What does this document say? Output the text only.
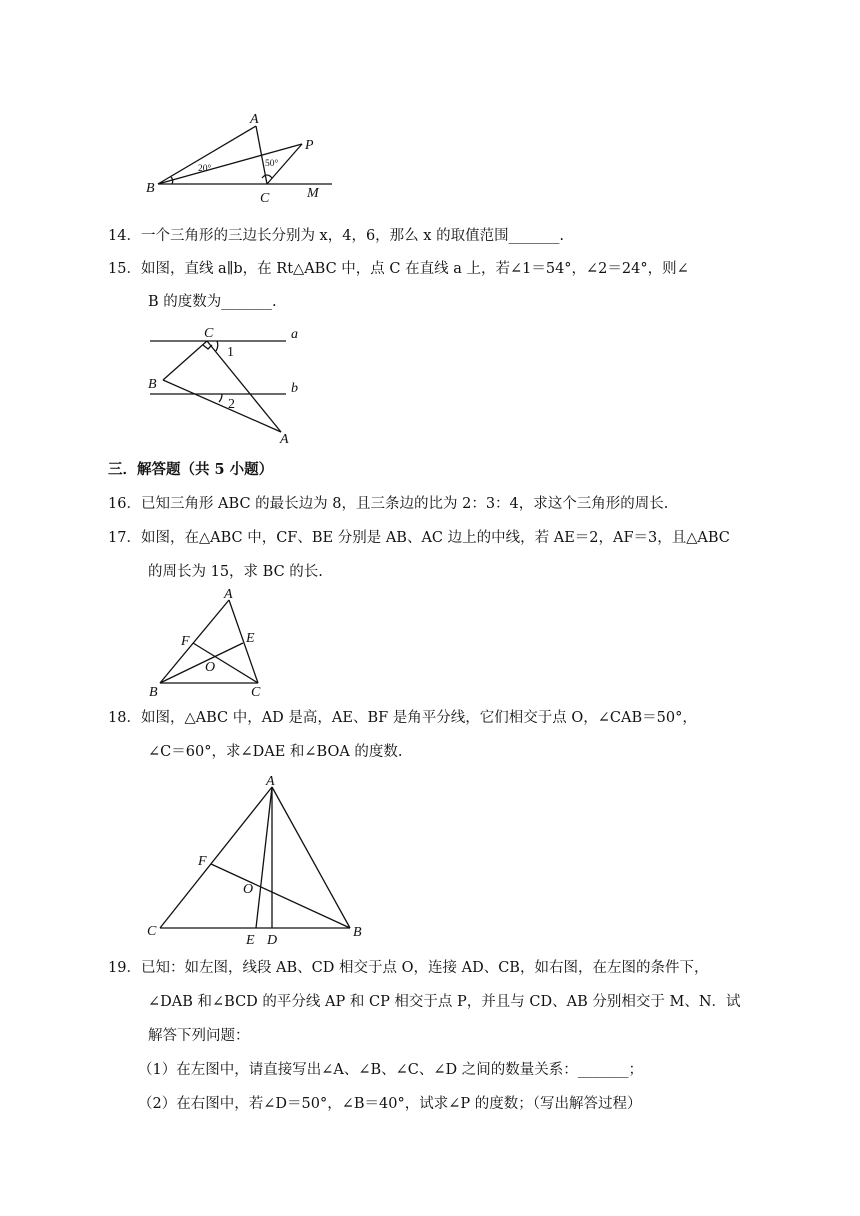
A
B
C
P
M
20°	50°
14．一个三角形的三边长分别为 x，4，6，那么 x 的取值范围_______.
15．如图，直线 a∥b，在 Rt△ABC 中，点 C 在直线 a 上，若∠1＝54°，∠2＝24°，则∠
B 的度数为_______.
C	a
1
B	b
2
A
三．解答题（共 5 小题）
16．已知三角形 ABC 的最长边为 8，且三条边的比为 2：3：4，求这个三角形的周长.
17．如图，在△ABC 中，CF、BE 分别是 AB、AC 边上的中线，若 AE＝2，AF＝3，且△ABC
的周长为 15，求 BC 的长.
A
F	E
O
B	C
18．如图，△ABC 中，AD 是高，AE、BF 是角平分线，它们相交于点 O，∠CAB＝50°，
∠C＝60°，求∠DAE 和∠BOA 的度数.
A
F
O
C
E D
B
19．已知：如左图，线段 AB、CD 相交于点 O，连接 AD、CB，如右图，在左图的条件下，
∠DAB 和∠BCD 的平分线 AP 和 CP 相交于点 P，并且与 CD、AB 分别相交于 M、N．试
解答下列问题：
（1）在左图中，请直接写出∠A、∠B、∠C、∠D 之间的数量关系：_______；
（2）在右图中，若∠D＝50°，∠B＝40°，试求∠P 的度数；（写出解答过程）
